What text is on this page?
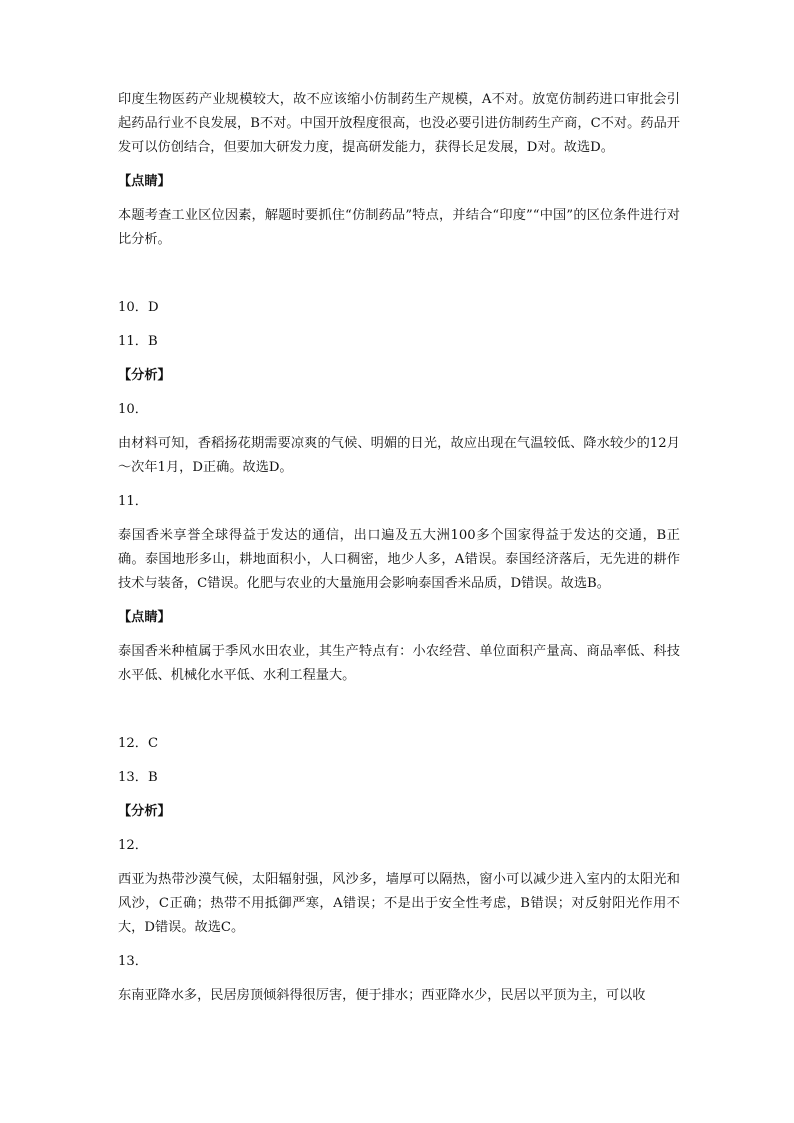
印度生物医药产业规模较大，故不应该缩小仿制药生产规模，A不对。放宽仿制药进口审批会引起药品行业不良发展，B不对。中国开放程度很高，也没必要引进仿制药生产商，C不对。药品开发可以仿创结合，但要加大研发力度，提高研发能力，获得长足发展，D对。故选D。

【点睛】

本题考查工业区位因素，解题时要抓住“仿制药品”特点，并结合“印度”“中国”的区位条件进行对比分析。

10．D

11．B

【分析】

10．

由材料可知，香稻扬花期需要凉爽的气候、明媚的日光，故应出现在气温较低、降水较少的12月～次年1月，D正确。故选D。

11．

泰国香米享誉全球得益于发达的通信，出口遍及五大洲100多个国家得益于发达的交通，B正确。泰国地形多山，耕地面积小，人口稠密，地少人多，A错误。泰国经济落后，无先进的耕作技术与装备，C错误。化肥与农业的大量施用会影响泰国香米品质，D错误。故选B。

【点睛】

泰国香米种植属于季风水田农业，其生产特点有：小农经营、单位面积产量高、商品率低、科技水平低、机械化水平低、水利工程量大。

12．C

13．B

【分析】

12．

西亚为热带沙漠气候，太阳辐射强，风沙多，墙厚可以隔热，窗小可以减少进入室内的太阳光和风沙，C正确；热带不用抵御严寒，A错误；不是出于安全性考虑，B错误；对反射阳光作用不大，D错误。故选C。

13．

东南亚降水多，民居房顶倾斜得很厉害，便于排水；西亚降水少，民居以平顶为主，可以收
